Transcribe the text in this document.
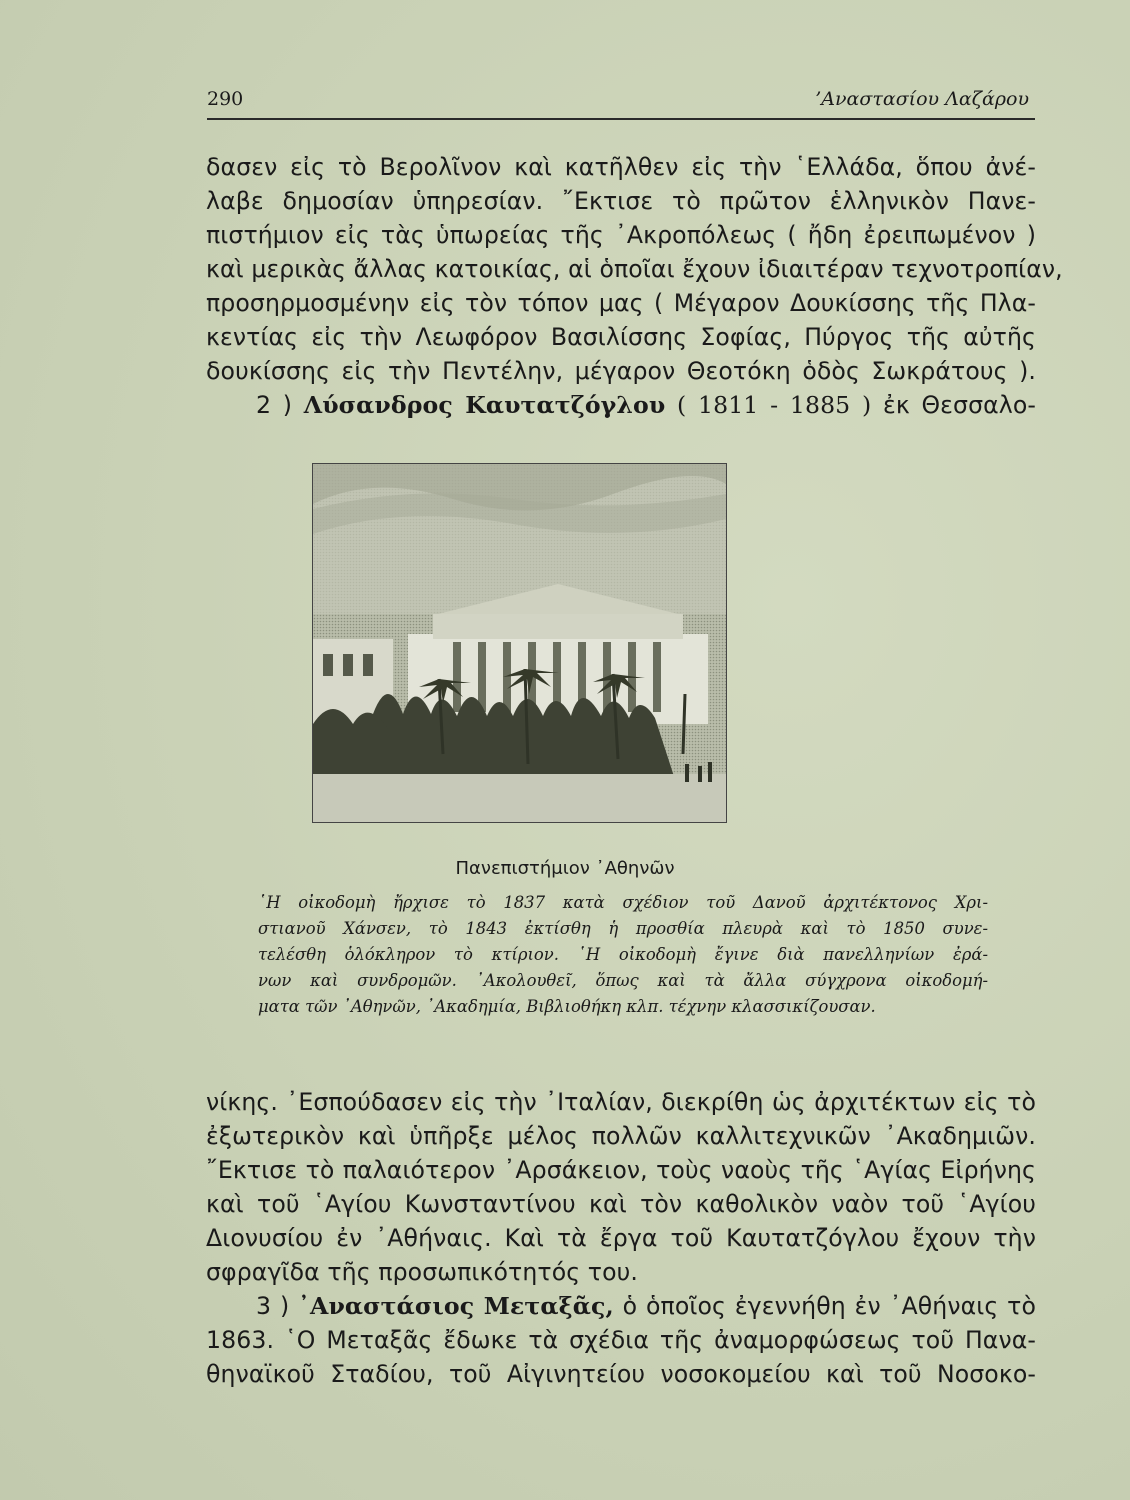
290	’Αναστασίου Λαζάρου
δασεν εἰς τὸ Βερολῖνον καὶ κατῆλθεν εἰς τὴν ῾Ελλάδα, ὅπου ἀνέ-
λαβε δημοσίαν ὑπηρεσίαν. ῎Εκτισε τὸ πρῶτον ἑλληνικὸν Πανε-
πιστήμιον εἰς τὰς ὑπωρείας τῆς ᾿Ακροπόλεως ( ἤδη ἐρειπωμένον )
καὶ μερικὰς ἄλλας κατοικίας, αἱ ὁποῖαι ἔχουν ἰδιαιτέραν τεχνοτροπίαν,
προσηρμοσμένην εἰς τὸν τόπον μας ( Μέγαρον Δουκίσσης τῆς Πλα-
κεντίας εἰς τὴν Λεωφόρον Βασιλίσσης Σοφίας, Πύργος τῆς αὐτῆς
δουκίσσης εἰς τὴν Πεντέλην, μέγαρον Θεοτόκη ὁδὸς Σωκράτους ).
2 ) Λύσανδρος Καυτατζόγλου ( 1811 - 1885 ) ἐκ Θεσσαλο-
Πανεπιστήμιον ᾿Αθηνῶν
῾Η οἰκοδομὴ ἤρχισε τὸ 1837 κατὰ σχέδιον τοῦ Δανοῦ ἀρχιτέκτονος Χρι-
στιανοῦ Χάνσεν, τὸ 1843 ἐκτίσθη ἡ προσθία πλευρὰ καὶ τὸ 1850 συνε-
τελέσθη ὁλόκληρον τὸ κτίριον. ῾Η οἰκοδομὴ ἔγινε διὰ πανελληνίων ἐρά-
νων καὶ συνδρομῶν. ᾿Ακολουθεῖ, ὅπως καὶ τὰ ἄλλα σύγχρονα οἰκοδομή-
ματα τῶν ᾿Αθηνῶν, ᾿Ακαδημία, Βιβλιοθήκη κλπ. τέχνην κλασσικίζουσαν.
νίκης. ᾿Εσπούδασεν εἰς τὴν ᾿Ιταλίαν, διεκρίθη ὡς ἀρχιτέκτων εἰς τὸ
ἐξωτερικὸν καὶ ὑπῆρξε μέλος πολλῶν καλλιτεχνικῶν ᾿Ακαδημιῶν.
῎Εκτισε τὸ παλαιότερον ᾿Αρσάκειον, τοὺς ναοὺς τῆς ῾Αγίας Εἰρήνης
καὶ τοῦ ῾Αγίου Κωνσταντίνου καὶ τὸν καθολικὸν ναὸν τοῦ ῾Αγίου
Διονυσίου ἐν ᾿Αθήναις. Καὶ τὰ ἔργα τοῦ Καυτατζόγλου ἔχουν τὴν
σφραγῖδα τῆς προσωπικότητός του.
3 ) ᾿Αναστάσιος Μεταξᾶς, ὁ ὁποῖος ἐγεννήθη ἐν ᾿Αθήναις τὸ
1863. ῾Ο Μεταξᾶς ἔδωκε τὰ σχέδια τῆς ἀναμορφώσεως τοῦ Πανα-
θηναϊκοῦ Σταδίου, τοῦ Αἰγινητείου νοσοκομείου καὶ τοῦ Νοσοκο-
